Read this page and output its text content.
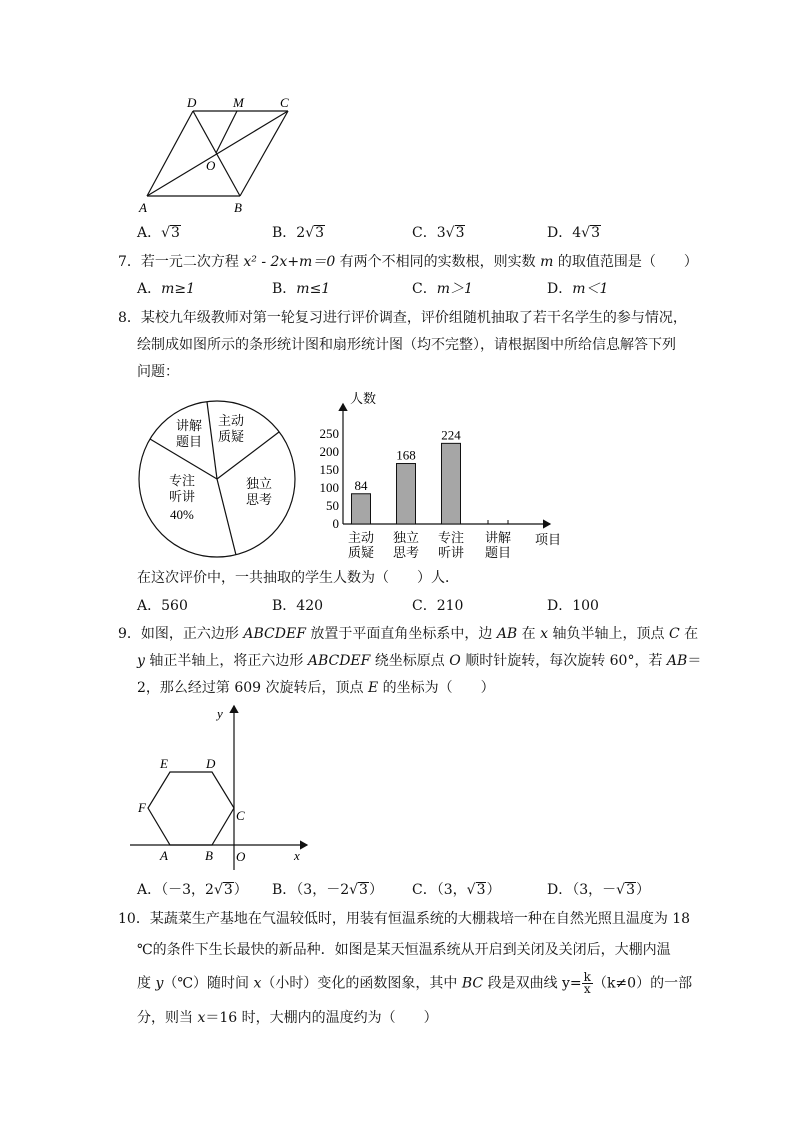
D	M	C
O
A	B
A．√3	B．2√3	C．3√3	D．4√3
7．若一元二次方程 x² - 2x+m＝0 有两个不相同的实数根，则实数 m 的取值范围是（　　）
A．m≥1	B．m≤1	C．m＞1	D．m＜1
8．某校九年级教师对第一轮复习进行评价调查，评价组随机抽取了若干名学生的参与情况，
绘制成如图所示的条形统计图和扇形统计图（均不完整），请根据图中所给信息解答下列
问题：
主动
质疑
独立
思考
专注
听讲
40%
讲解
题目
人数
项目
0
50
100
150
200
250
84
168
224
主动
质疑
独立
思考
专注
听讲
讲解
题目
在这次评价中，一共抽取的学生人数为（　　）人．
A．560	B．420	C．210	D．100
9．如图，正六边形 ABCDEF 放置于平面直角坐标系中，边 AB 在 x 轴负半轴上，顶点 C 在
y 轴正半轴上，将正六边形 ABCDEF 绕坐标原点 O 顺时针旋转，每次旋转 60°，若 AB＝
2，那么经过第 609 次旋转后，顶点 E 的坐标为（　　）
y
x
O
A	B
C
D
E
F
A．（－3，2√3） B．（3，－2√3） C．（3，√3）	D．（3，－√3）
10．某蔬菜生产基地在气温较低时，用装有恒温系统的大棚栽培一种在自然光照且温度为 18
℃的条件下生长最快的新品种．如图是某天恒温系统从开启到关闭及关闭后，大棚内温
度 y（℃）随时间 x（小时）变化的函数图象，其中 BC 段是双曲线 $y= \frac{k}{x} (k\ne 0)$的一部
分，则当 x＝16 时，大棚内的温度约为（　　）
